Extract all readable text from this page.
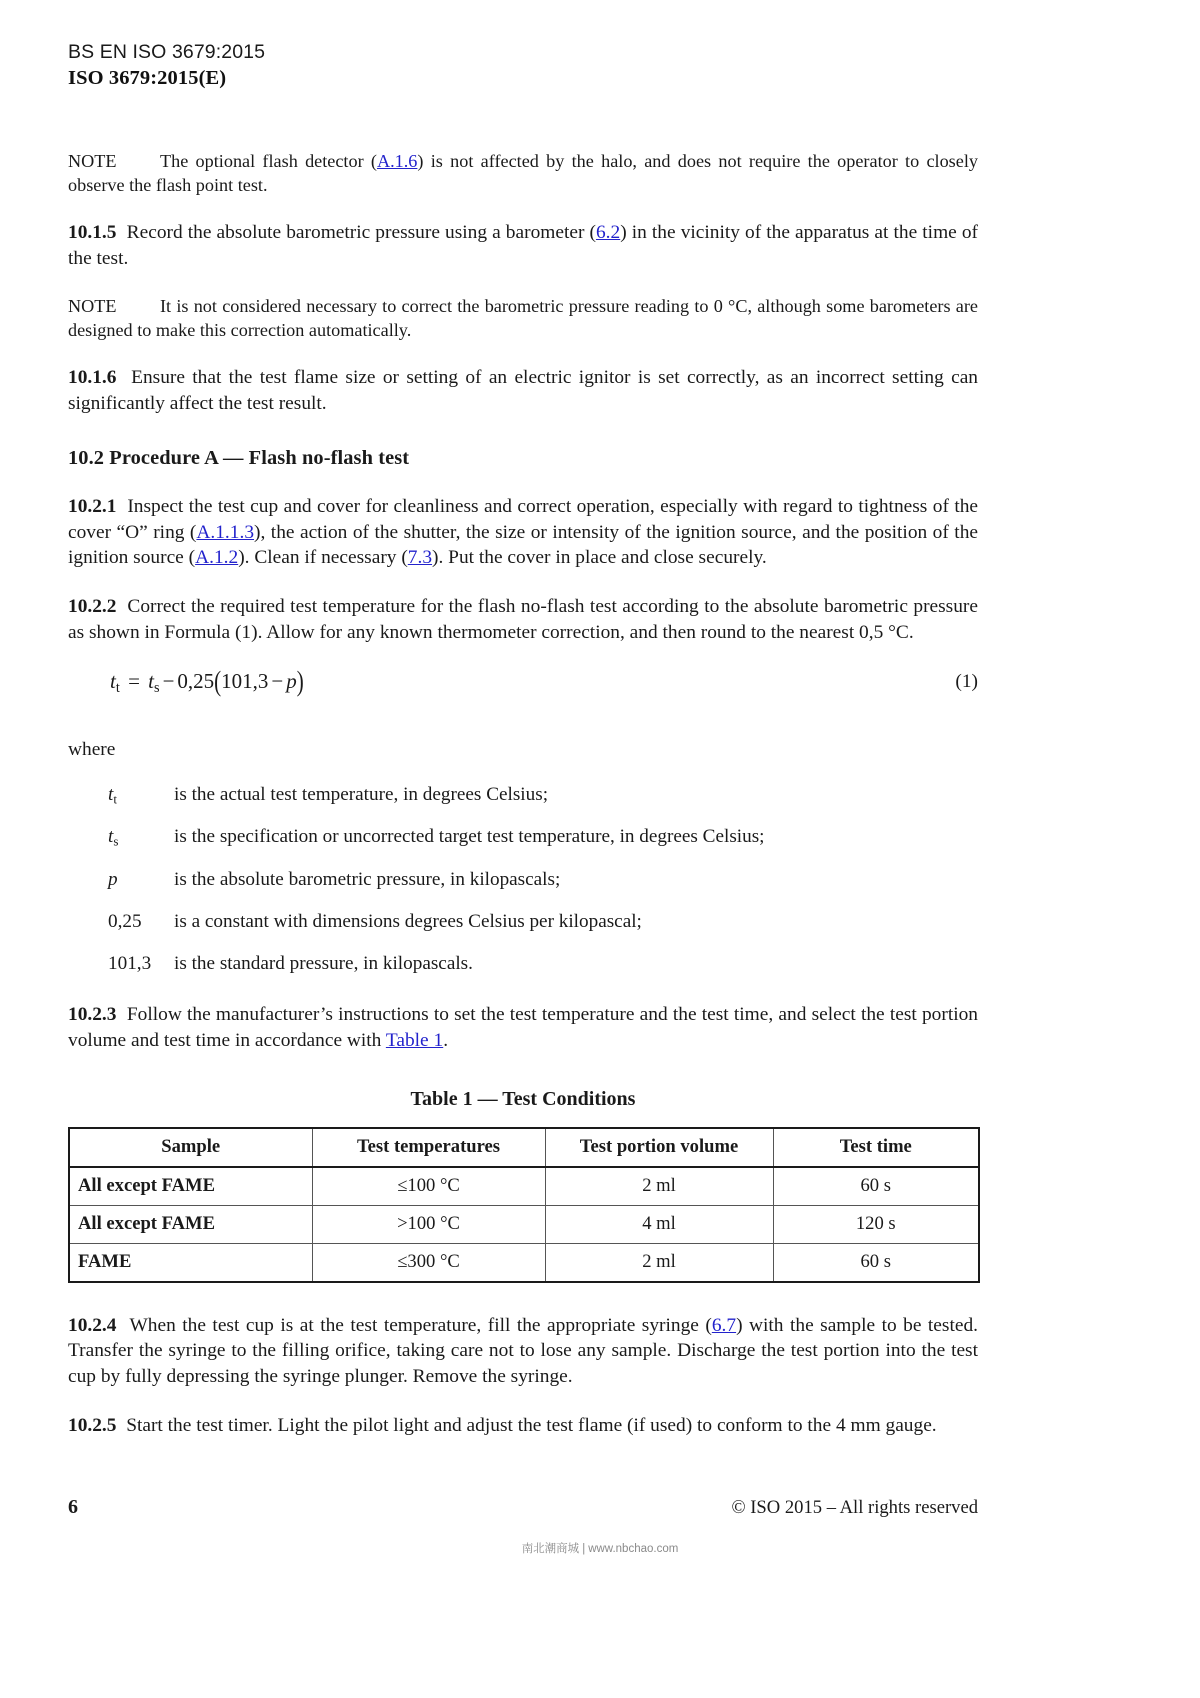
BS EN ISO 3679:2015
ISO 3679:2015(E)

NOTE The optional flash detector (A.1.6) is not affected by the halo, and does not require the operator to closely observe the flash point test.

10.1.5 Record the absolute barometric pressure using a barometer (6.2) in the vicinity of the apparatus at the time of the test.

NOTE It is not considered necessary to correct the barometric pressure reading to 0 °C, although some barometers are designed to make this correction automatically.

10.1.6 Ensure that the test flame size or setting of an electric ignitor is set correctly, as an incorrect setting can significantly affect the test result.

10.2 Procedure A — Flash no-flash test

10.2.1 Inspect the test cup and cover for cleanliness and correct operation, especially with regard to tightness of the cover “O” ring (A.1.1.3), the action of the shutter, the size or intensity of the ignition source, and the position of the ignition source (A.1.2). Clean if necessary (7.3). Put the cover in place and close securely.

10.2.2 Correct the required test temperature for the flash no-flash test according to the absolute barometric pressure as shown in Formula (1). Allow for any known thermometer correction, and then round to the nearest 0,5 °C.

$t_t = t_s - 0,25(101,3 - p)$	(1)
where
$t_t$	is the actual test temperature, in degrees Celsius;
$t_s$	is the specification or uncorrected target test temperature, in degrees Celsius;
p	is the absolute barometric pressure, in kilopascals;
0,25	is a constant with dimensions degrees Celsius per kilopascal;
101,3	is the standard pressure, in kilopascals.

10.2.3 Follow the manufacturer’s instructions to set the test temperature and the test time, and select the test portion volume and test time in accordance with Table 1.

Table 1 — Test Conditions
Sample	Test temperatures	Test portion volume	Test time
All except FAME	≤100 °C	2 ml	60 s
All except FAME	>100 °C	4 ml	120 s
FAME	≤300 °C	2 ml	60 s

10.2.4 When the test cup is at the test temperature, fill the appropriate syringe (6.7) with the sample to be tested. Transfer the syringe to the filling orifice, taking care not to lose any sample. Discharge the test portion into the test cup by fully depressing the syringe plunger. Remove the syringe.

10.2.5 Start the test timer. Light the pilot light and adjust the test flame (if used) to conform to the 4 mm gauge.

6	© ISO 2015 – All rights reserved
南北潮商城 | www.nbchao.com
